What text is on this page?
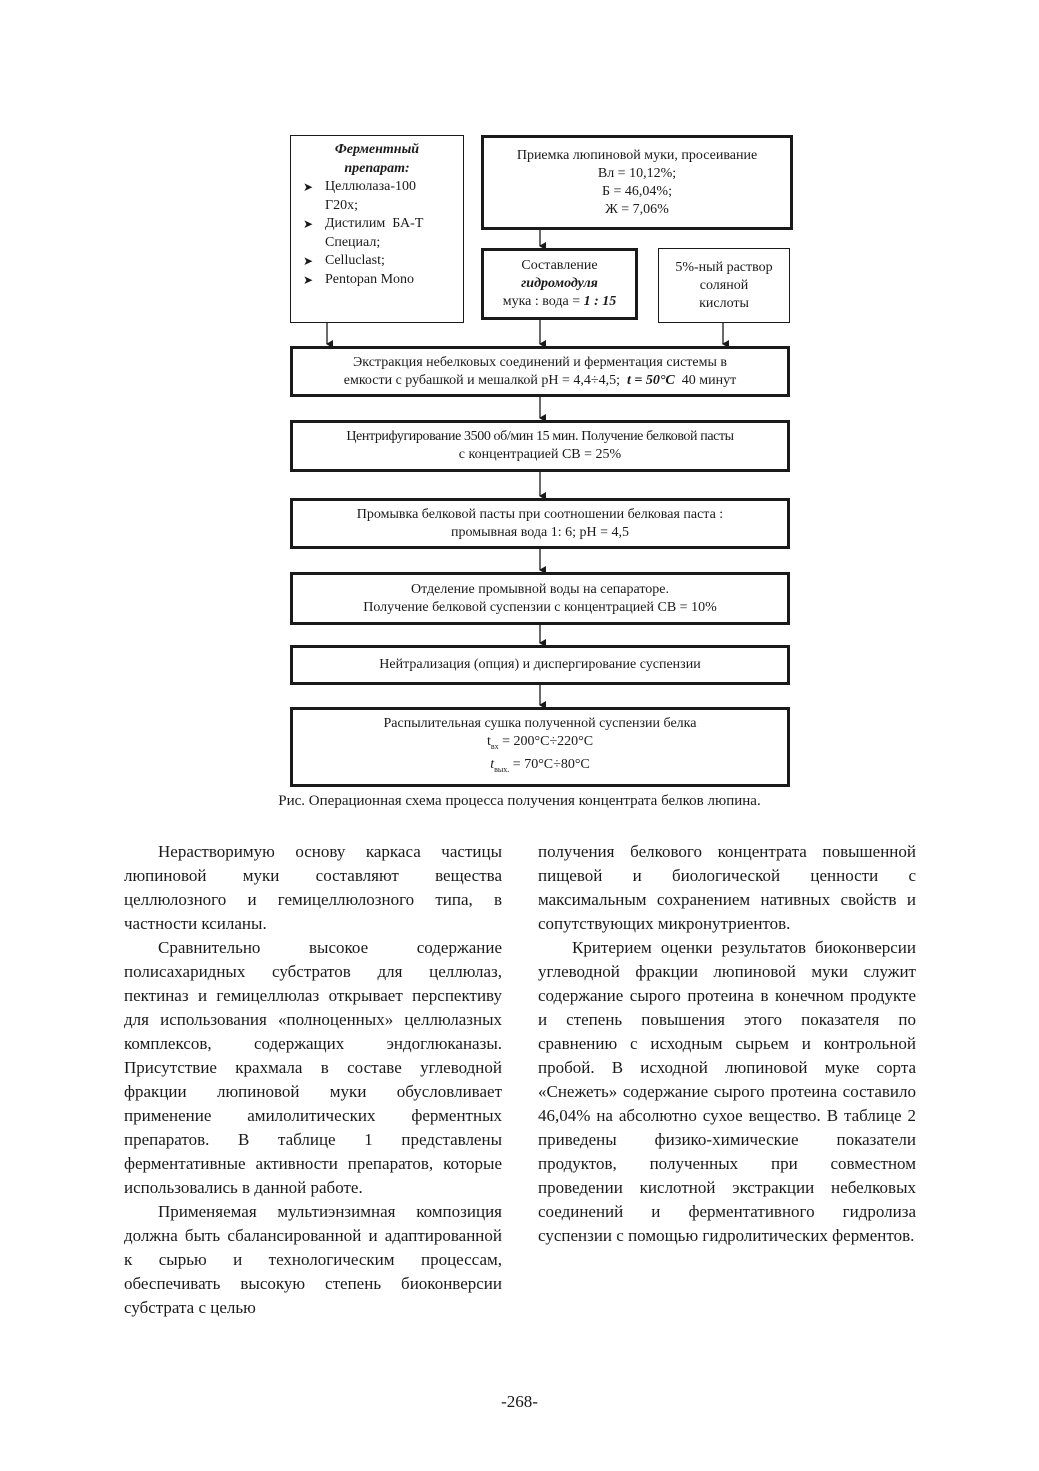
Ферментный
препарат:
➤ Целлюлаза-100
Г20х;
➤ Дистилим  БА-Т
Специал;
➤ Celluclast;
➤ Pentopan Mono
Приемка люпиновой муки, просеивание
Вл = 10,12%;
Б = 46,04%;
Ж = 7,06%
Составление
гидромодуля
мука : вода = 1 : 15
5%-ный раствор
соляной
кислоты
Экстракция небелковых соединений и ферментация системы в
емкости с рубашкой и мешалкой pH = 4,4÷4,5;  t = 50°C  40 минут
Центрифугирование 3500 об/мин 15 мин. Получение белковой пасты
с концентрацией СВ = 25%
Промывка белковой пасты при соотношении белковая паста :
промывная вода 1: 6; pH = 4,5
Отделение промывной воды на сепараторе.
Получение белковой суспензии с концентрацией СВ = 10%
Нейтрализация (опция) и диспергирование суспензии
Распылительная сушка полученной суспензии белка
$t_{вх} = 200^\circ С\div 220^\circ С$
$t_{вых.} = 70^\circ С\div 80^\circ С$
Рис. Операционная схема процесса получения концентрата белков люпина.

Нерастворимую основу каркаса частицы люпиновой муки составляют вещества целлюлозного и гемицеллюлозного типа, в частности ксиланы.

Сравнительно высокое содержание полисахаридных субстратов для целлюлаз, пектиназ и гемицеллюлаз открывает перспективу для использования «полноценных» целлюлазных комплексов, содержащих эндоглюканазы. Присутствие крахмала в составе углеводной фракции люпиновой муки обусловливает применение амилолитических ферментных препаратов. В таблице 1 представлены ферментативные активности препаратов, которые использовались в данной работе.

Применяемая мультиэнзимная композиция должна быть сбалансированной и адаптированной к сырью и технологическим процессам, обеспечивать высокую степень биоконверсии субстрата с целью

получения белкового концентрата повышенной пищевой и биологической ценности с максимальным сохранением нативных свойств и сопутствующих микронутриентов.

Критерием оценки результатов биоконверсии углеводной фракции люпиновой муки служит содержание сырого протеина в конечном продукте и степень повышения этого показателя по сравнению с исходным сырьем и контрольной пробой. В исходной люпиновой муке сорта «Снежеть» содержание сырого протеина составило 46,04% на абсолютно сухое вещество. В таблице 2 приведены физико-химические показатели продуктов, полученных при совместном проведении кислотной экстракции небелковых соединений и ферментативного гидролиза суспензии с помощью гидролитических ферментов.

-268-
